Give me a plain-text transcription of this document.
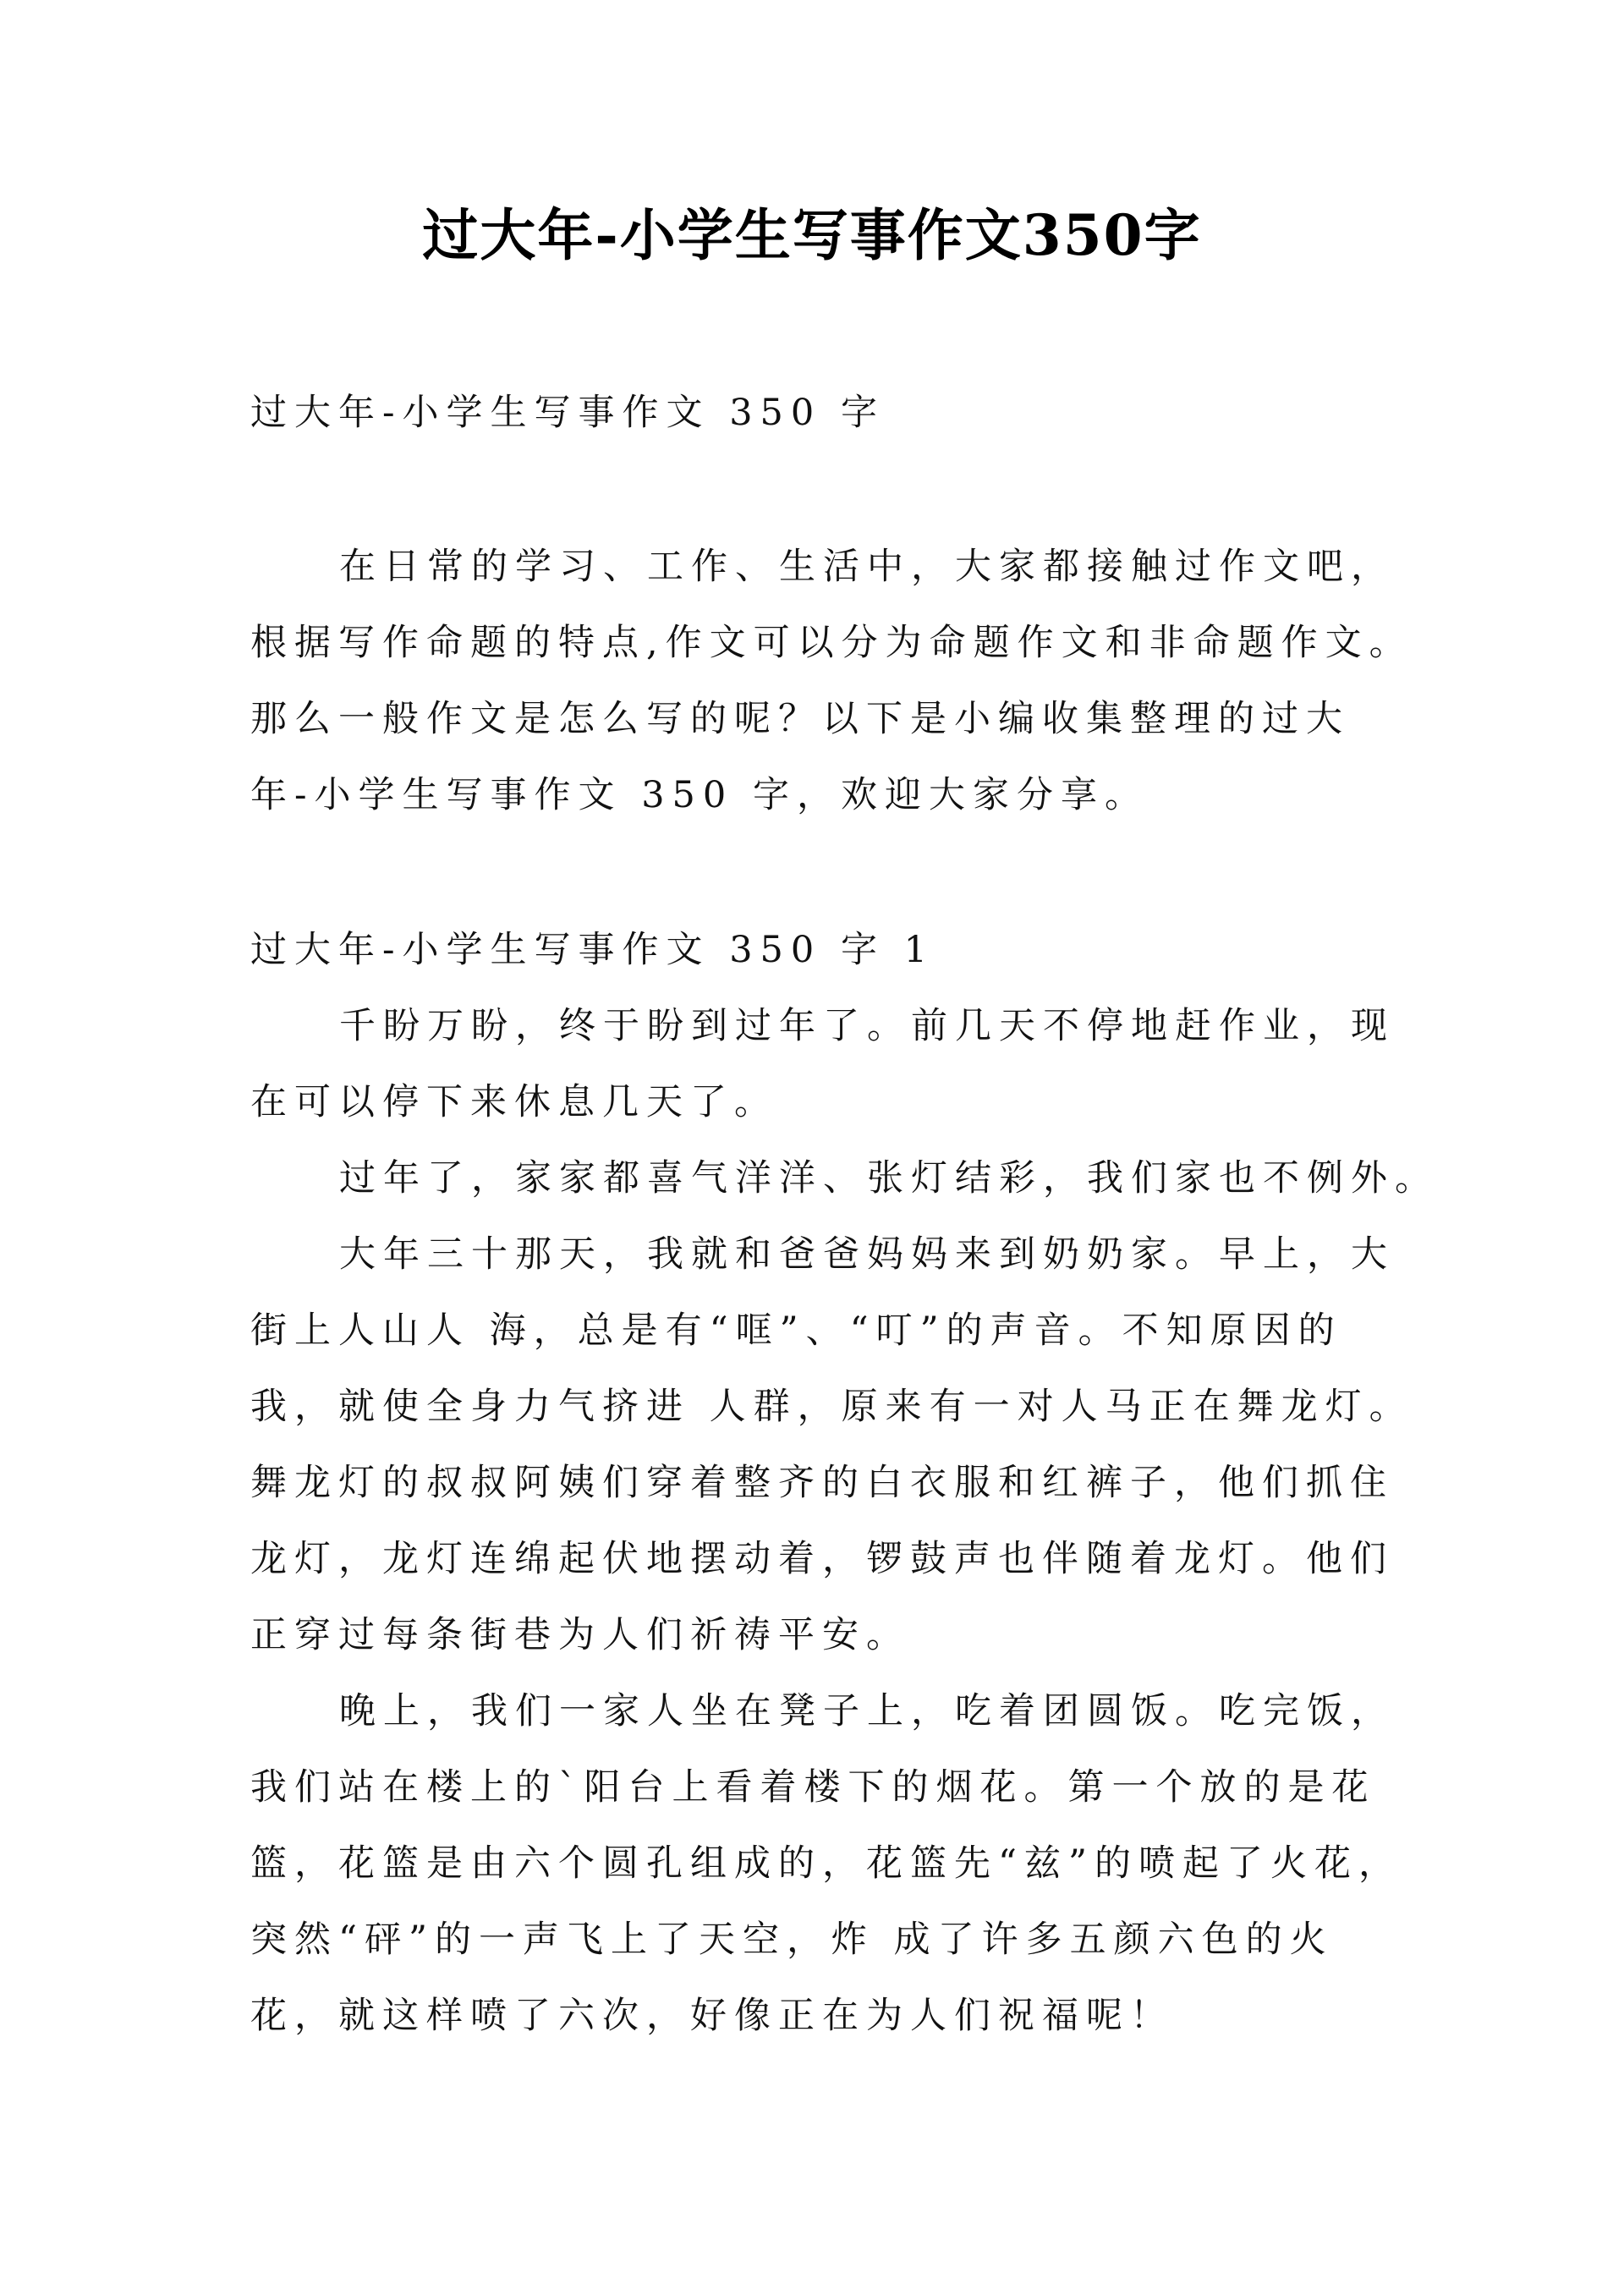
过大年-小学生写事作文350字
过大年-小学生写事作文 350 字
在日常的学习、工作、生活中，大家都接触过作文吧，
根据写作命题的特点,作文可以分为命题作文和非命题作文。
那么一般作文是怎么写的呢？以下是小编收集整理的过大
年-小学生写事作文 350 字，欢迎大家分享。
过大年-小学生写事作文 350 字 1
千盼万盼，终于盼到过年了。前几天不停地赶作业，现
在可以停下来休息几天了。
过年了，家家都喜气洋洋、张灯结彩，我们家也不例外。
大年三十那天，我就和爸爸妈妈来到奶奶家。早上，大
街上人山人 海，总是有“哐”、“叮”的声音。不知原因的
我，就使全身力气挤进 人群，原来有一对人马正在舞龙灯。
舞龙灯的叔叔阿姨们穿着整齐的白衣服和红裤子，他们抓住
龙灯，龙灯连绵起伏地摆动着，锣鼓声也伴随着龙灯。他们
正穿过每条街巷为人们祈祷平安。
晚上，我们一家人坐在凳子上，吃着团圆饭。吃完饭，
我们站在楼上的`阳台上看着楼下的烟花。第一个放的是花
篮，花篮是由六个圆孔组成的，花篮先“兹”的喷起了火花，
突然“砰”的一声飞上了天空，炸 成了许多五颜六色的火
花，就这样喷了六次，好像正在为人们祝福呢！
